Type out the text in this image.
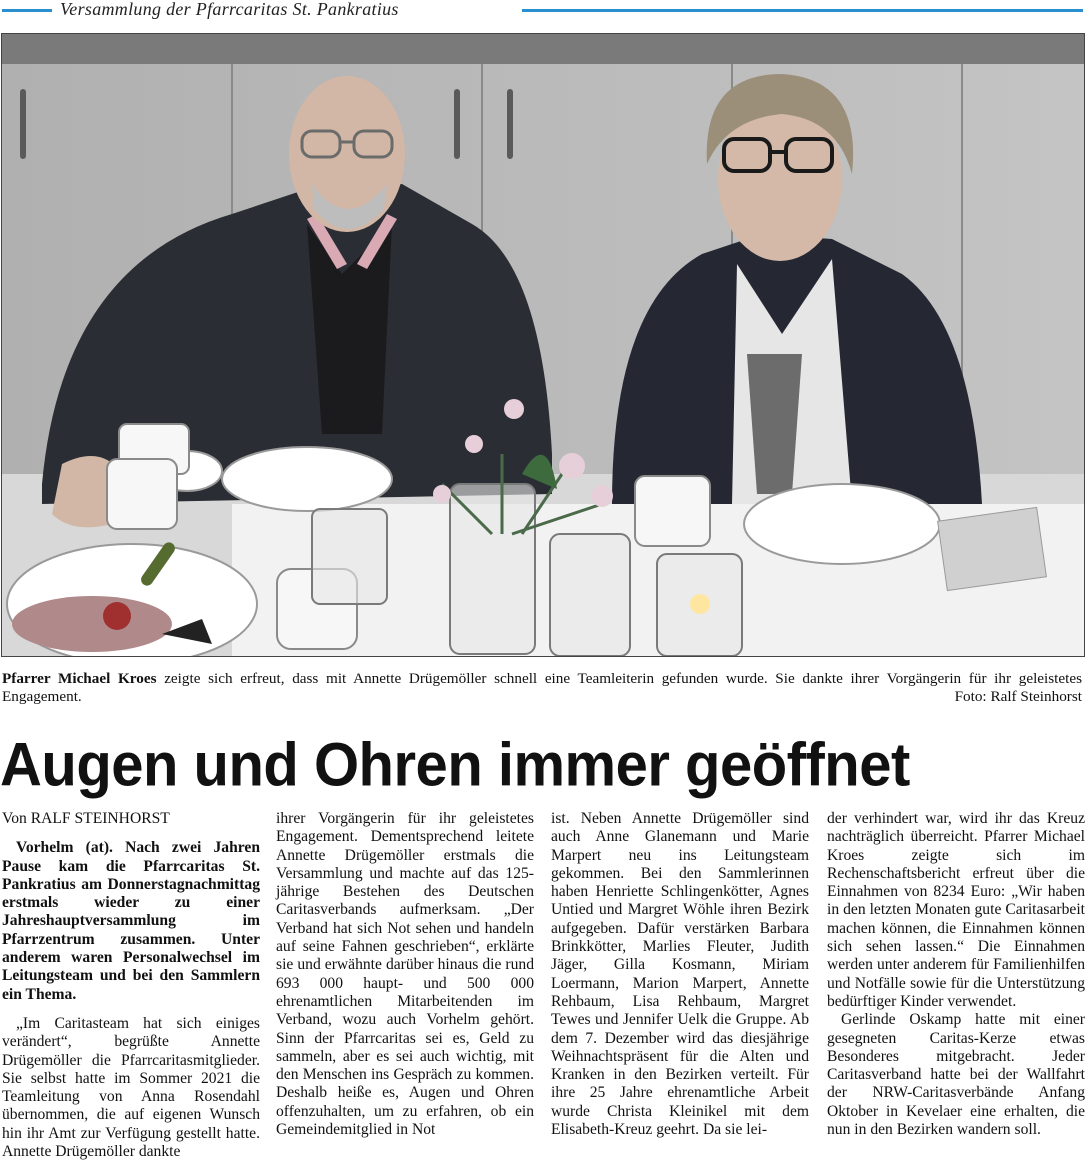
Versammlung der Pfarrcaritas St. Pankratius
Pfarrer Michael Kroes zeigte sich erfreut, dass mit Annette Drügemöller schnell eine Teamleiterin gefunden wurde. Sie dankte ihrer Vorgängerin für ihr geleistetes Engagement.	Foto: Ralf Steinhorst
Augen und Ohren immer geöffnet

Von RALF STEINHORST

Vorhelm (at). Nach zwei Jahren Pause kam die Pfarrcaritas St. Pankratius am Donnerstagnachmittag erstmals wieder zu einer Jahreshauptversammlung im Pfarrzentrum zusammen. Unter anderem waren Personalwechsel im Leitungsteam und bei den Sammlern ein Thema.

„Im Caritasteam hat sich einiges verändert“, begrüßte Annette Drügemöller die Pfarrcaritasmitglieder. Sie selbst hatte im Sommer 2021 die Teamleitung von Anna Rosendahl übernommen, die auf eigenen Wunsch hin ihr Amt zur Verfügung gestellt hatte. Annette Drügemöller dankte

ihrer Vorgängerin für ihr geleistetes Engagement. Dementsprechend leitete Annette Drügemöller erstmals die Versammlung und machte auf das 125-jährige Bestehen des Deutschen Caritasverbands aufmerksam. „Der Verband hat sich Not sehen und handeln auf seine Fahnen geschrieben“, erklärte sie und erwähnte darüber hinaus die rund 693 000 haupt- und 500 000 ehrenamtlichen Mitarbeitenden im Verband, wozu auch Vorhelm gehört. Sinn der Pfarrcaritas sei es, Geld zu sammeln, aber es sei auch wichtig, mit den Menschen ins Gespräch zu kommen. Deshalb heiße es, Augen und Ohren offenzuhalten, um zu erfahren, ob ein Gemeindemitglied in Not

ist. Neben Annette Drügemöller sind auch Anne Glanemann und Marie Marpert neu ins Leitungsteam gekommen. Bei den Sammlerinnen haben Henriette Schlingenkötter, Agnes Untied und Margret Wöhle ihren Bezirk aufgegeben. Dafür verstärken Barbara Brinkkötter, Marlies Fleuter, Judith Jäger, Gilla Kosmann, Miriam Loermann, Marion Marpert, Annette Rehbaum, Lisa Rehbaum, Margret Tewes und Jennifer Uelk die Gruppe. Ab dem 7. Dezember wird das diesjährige Weihnachtspräsent für die Alten und Kranken in den Bezirken verteilt. Für ihre 25 Jahre ehrenamtliche Arbeit wurde Christa Kleinikel mit dem Elisabeth-Kreuz geehrt. Da sie lei-

der verhindert war, wird ihr das Kreuz nachträglich überreicht. Pfarrer Michael Kroes zeigte sich im Rechenschaftsbericht erfreut über die Einnahmen von 8234 Euro: „Wir haben in den letzten Monaten gute Caritasarbeit machen können, die Einnahmen können sich sehen lassen.“ Die Einnahmen werden unter anderem für Familienhilfen und Notfälle sowie für die Unterstützung bedürftiger Kinder verwendet.

Gerlinde Oskamp hatte mit einer gesegneten Caritas-Kerze etwas Besonderes mitgebracht. Jeder Caritasverband hatte bei der Wallfahrt der NRW-Caritasverbände Anfang Oktober in Kevelaer eine erhalten, die nun in den Bezirken wandern soll.
